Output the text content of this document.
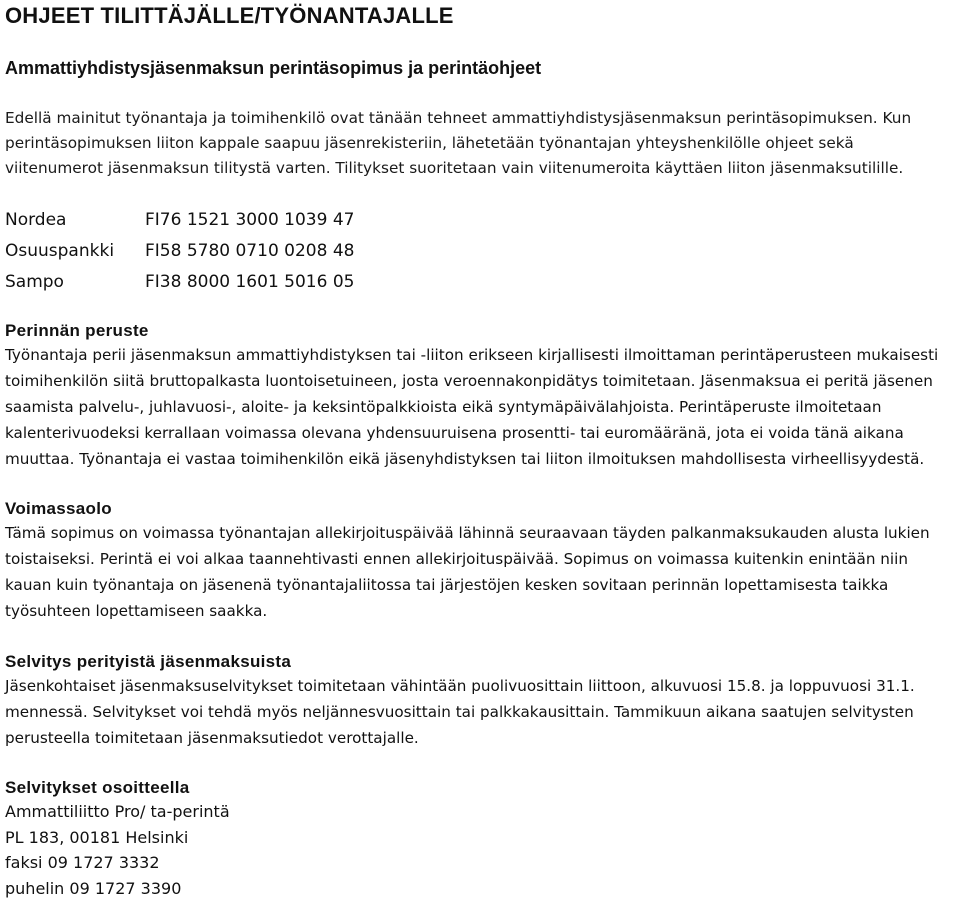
OHJEET TILITTÄJÄLLE/TYÖNANTAJALLE
Ammattiyhdistysjäsenmaksun perintäsopimus ja perintäohjeet

Edellä mainitut työnantaja ja toimihenkilö ovat tänään tehneet ammattiyhdistysjäsenmaksun perintäsopimuksen. Kun perintäsopimuksen liiton kappale saapuu jäsenrekisteriin, lähetetään työnantajan yhteyshenkilölle ohjeet sekä viitenumerot jäsenmaksun tilitystä varten. Tilitykset suoritetaan vain viitenumeroita käyttäen liiton jäsenmaksutilille.

Nordea	FI76 1521 3000 1039 47
Osuuspankki	FI58 5780 0710 0208 48
Sampo	FI38 8000 1601 5016 05
Perinnän peruste

Työnantaja perii jäsenmaksun ammattiyhdistyksen tai -liiton erikseen kirjallisesti ilmoittaman perintäperusteen mukaisesti toimihenkilön siitä bruttopalkasta luontoisetuineen, josta veroennakonpidätys toimitetaan. Jäsenmaksua ei peritä jäsenen saamista palvelu-, juhlavuosi-, aloite- ja keksintöpalkkioista eikä syntymäpäivälahjoista. Perintäperuste ilmoitetaan kalenterivuodeksi kerrallaan voimassa olevana yhdensuuruisena prosentti- tai euromääränä, jota ei voida tänä aikana muuttaa. Työnantaja ei vastaa toimihenkilön eikä jäsenyhdistyksen tai liiton ilmoituksen mahdollisesta virheellisyydestä.

Voimassaolo

Tämä sopimus on voimassa työnantajan allekirjoituspäivää lähinnä seuraavaan täyden palkanmaksukauden alusta lukien toistaiseksi. Perintä ei voi alkaa taannehtivasti ennen allekirjoituspäivää. Sopimus on voimassa kuitenkin enintään niin kauan kuin työnantaja on jäsenenä työnantajaliitossa tai järjestöjen kesken sovitaan perinnän lopettamisesta taikka työsuhteen lopettamiseen saakka.

Selvitys perityistä jäsenmaksuista

Jäsenkohtaiset jäsenmaksuselvitykset toimitetaan vähintään puolivuosittain liittoon, alkuvuosi 15.8. ja loppuvuosi 31.1. mennessä. Selvitykset voi tehdä myös neljännesvuosittain tai palkkakausittain. Tammikuun aikana saatujen selvitysten perusteella toimitetaan jäsenmaksutiedot verottajalle.

Selvitykset osoitteella

Ammattiliitto Pro/ ta-perintä

PL 183, 00181 Helsinki

faksi 09 1727 3332

puhelin 09 1727 3390
